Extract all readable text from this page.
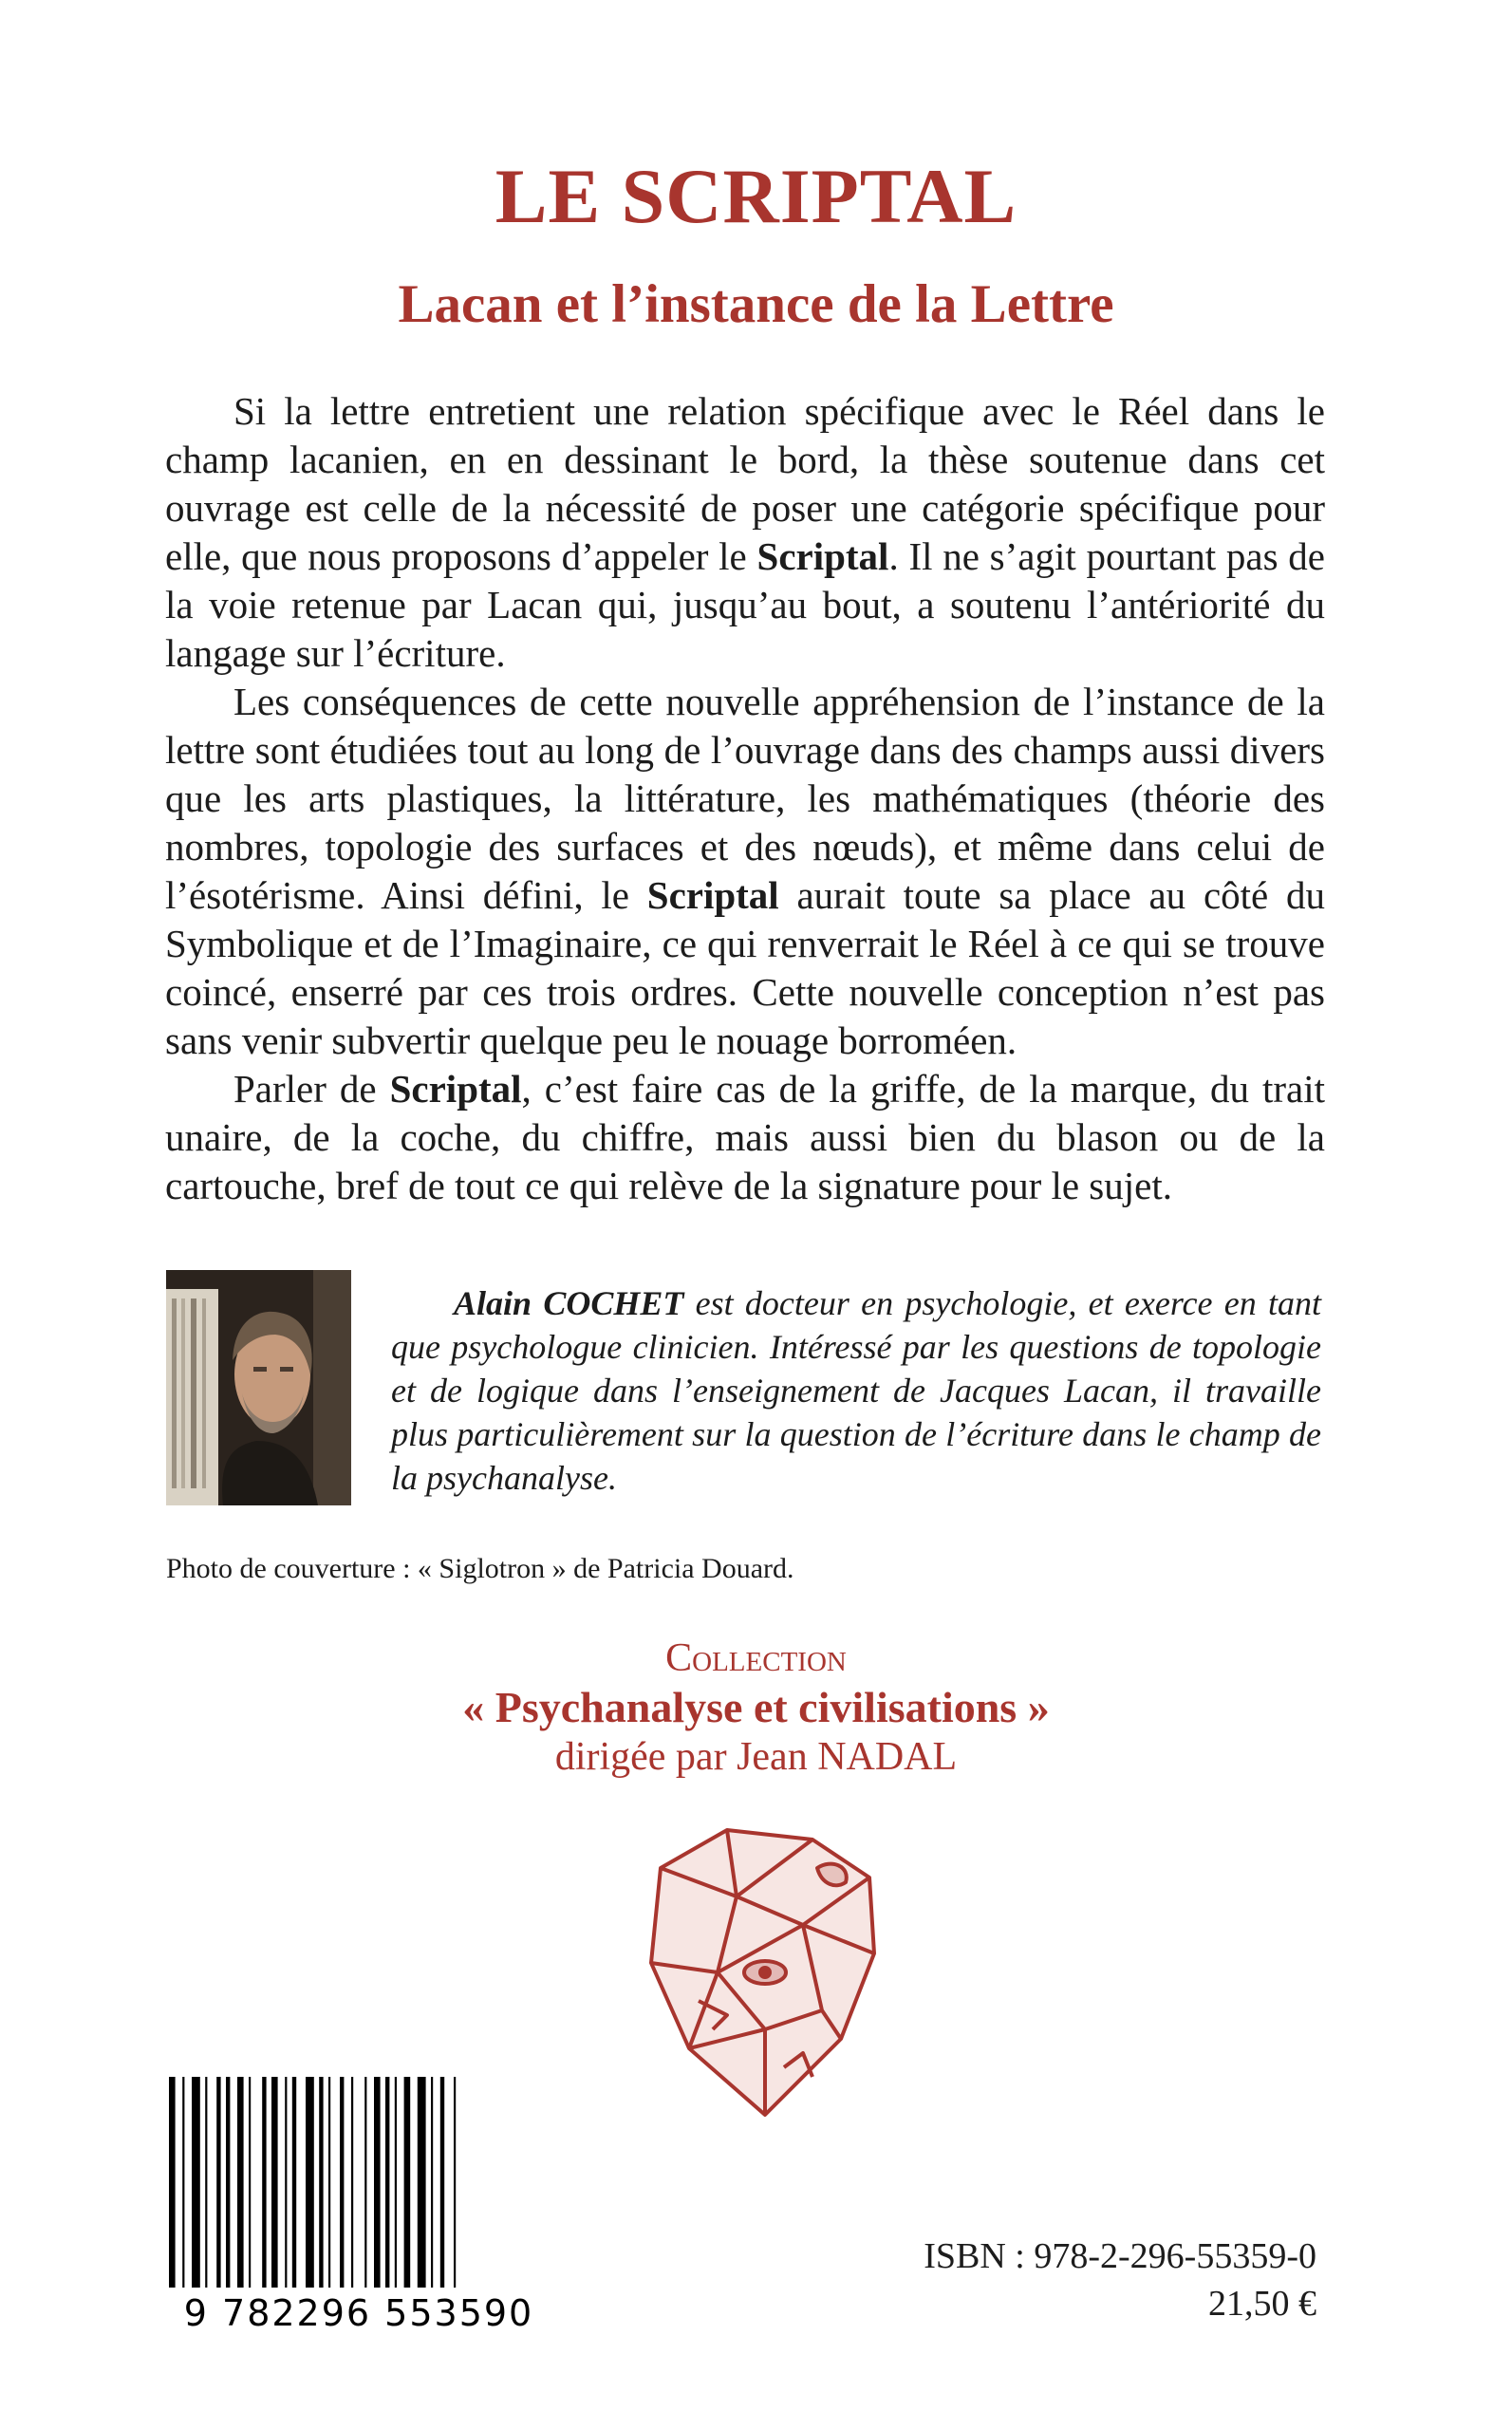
LE SCRIPTAL
Lacan et l’instance de la Lettre

Si la lettre entretient une relation spécifique avec le Réel dans le champ lacanien, en en dessinant le bord, la thèse soutenue dans cet ouvrage est celle de la nécessité de poser une catégorie spécifique pour elle, que nous proposons d’appeler le Scriptal. Il ne s’agit pourtant pas de la voie retenue par Lacan qui, jusqu’au bout, a soutenu l’antériorité du langage sur l’écriture.

Les conséquences de cette nouvelle appréhension de l’instance de la lettre sont étudiées tout au long de l’ouvrage dans des champs aussi divers que les arts plastiques, la littérature, les mathématiques (théorie des nombres, topologie des surfaces et des nœuds), et même dans celui de l’ésotérisme. Ainsi défini, le Scriptal aurait toute sa place au côté du Symbolique et de l’Imaginaire, ce qui renverrait le Réel à ce qui se trouve coincé, enserré par ces trois ordres. Cette nouvelle conception n’est pas sans venir subvertir quelque peu le nouage borroméen.

Parler de Scriptal, c’est faire cas de la griffe, de la marque, du trait unaire, de la coche, du chiffre, mais aussi bien du blason ou de la cartouche, bref de tout ce qui relève de la signature pour le sujet.

Alain COCHET est docteur en psychologie, et exerce en tant que psychologue clinicien. Intéressé par les questions de topologie et de logique dans l’enseignement de Jacques Lacan, il travaille plus particulièrement sur la question de l’écriture dans le champ de la psychanalyse.

Photo de couverture : « Siglotron » de Patricia Douard.

Collection
« Psychanalyse et civilisations »
dirigée par Jean NADAL
9 782296 553590
ISBN : 978-2-296-55359-0
21,50 €
